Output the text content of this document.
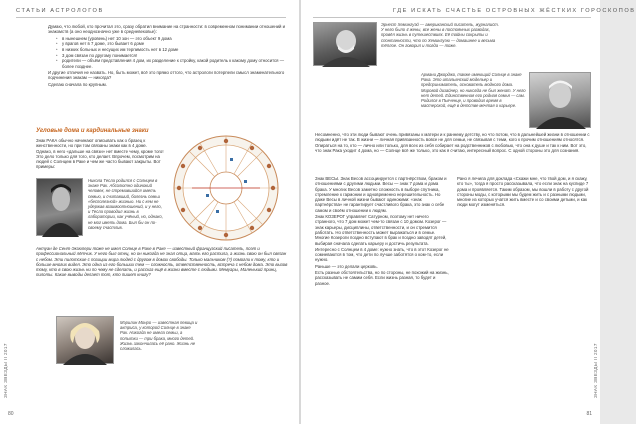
СТАТЬИ АСТРОЛОГОВ

Думаю, что любой, кто прочитал это, сразу обратил внимание на странности: в современном понимании отношений и знакомств (а оно неоднозначно уже в средневековье):

• в нынешнем (уровень) нет 10 зон — это объект 9 дома
• у врагов нет в 7 доме, это бывает 6 доме
• в низких больных и несущих им терпимость нет в 12 доме
• 3 дом связан по другому понимается!
• родители — объём представления 4 дом, их разделение к стройку, какой родитель к какому дому относится — более позднее.

И другие отличия не назвать. Но, быть может, всё это прямо оттого, что астрологи потерпели смысл знаменательного подчинения знакам — никогда?

Сделаю сначала по крупным.

Угловые дома и кардинальные знаки
Знак РАКА обычно начинают описывать как о бразец к женственности, но при том связаны знаки как в 4 доме. Однако, в него «дальше на связи» нет вместе чему, кроме того! Это дело только для того, кто делает. Впрочем, посмотрим на людей с Солнцем в Раке и чем же часто бывают закрыты. Вот примеры:
Никола Тесла родился с Солнцем в знаке Рак. Абсолютно одинокий человек, не стремившийся иметь семью, и считавший, болезнь семьи «бесполезной» жизнью. Ни с кем не удержав взаимоотношений, и у него, и Тесла проводил жизнь в лаборатории, как учёный, но, однако, не мог иметь дома. Был бы он по-своему счастлив.
Антуан де Сент-Экзюпери тоже не имел Солнце в Раке в Раке — известный французский писатель, поэт и профессиональный лётчик. У него был отец, но он никогда не знал отца, мать его растила, а жизнь свою он был связан с небом. Эти пилотские с позиции мира людей с другом в домах свободы. Только мальчиком (?) помогли к тому, кто и больше многих видел. Это одна из его больших тем — сложность, ответственность, встреча с небом дома. Это вызов тому, кто в свою жизнь ни по чему не сделать, и рассказ ещё в жизни вместе с людьми. Мемуары, Маленький принц, пилоты. Какие выводы делает тот, кто пишет книгу?
Мэрилин Монро — известная певица и актриса, у которой Солнце в знаке Рак. Никогда не имела семьи, а попытки — три брака, много детей. Жизнь закончилась её рано. Жизнь не сложилась.
ЗНАК ЗВЕЗДЫ II 2017
80
ГДЕ ИСКАТЬ СЧАСТЬЕ ОСТРОВНЫХ ЖЁСТКИХ ГОРОСКОПОВ
Эрнест Хемингуэй — американский писатель, журналист. У него было 4 жены, все жены в постоянных разводах, провёл жизнь в путешествиях. Её тайны сокрыты и спонтанности, что по Хемингуэю — домашнее и весьма тёплое. Он говорил и тогда — тоже.
Армани Джорджо, также имеющий Солнце в знаке Рака. Это итальянский модельер и предприниматель, основатель модного дома. Мировой дизайнер, но никогда не был женат. У него нет детей. Единственная его родная семья — сам. Родился в Пьяченце, и проводил время в мастерской, ещё в детстве мечтая о карьере.
Несомненно, что эти люди бывают очень привязаны к матери и к раннему детству, но что потом, что в дальнейшей жизни в отношении с людьми идёт не так. В жизни — личная привязанность вовсе не для семьи, не связывая с теми, кого к прочим отношениям относятся. Опираться на то, кто — лично или только, для всех из себя собирает на родственников с любовью, что она к душе и так к ним. Вот это, что знак Рака уходит 4 дома, но — Солнце всё же только, это как я считаю, интересный вопрос. С одной стороны это для сознания.

Знак ВЕСЫ. Знак Весов ассоциируется с партнёрством, браком и отношениями с другими людьми. Весы — знак 7 дома и дома брака. У многих Весов заметно сложность в выборе спутника, стремление к гармонии и одновременно нерешительность. Но даже Весы в личной жизни бывают одинокими: «знак партнёрства» не гарантирует счастливого брака, это знак о себе самом и своём отношении к людям.

Знак КОЗЕРОГ управляет Сатурном, поэтому нет ничего странного, что 7 дом может чем-то связан с 10 домом. Козерог — знак карьеры, дисциплины, ответственности, и он стремится работать. Но ответственность может выражаться и в семье. Многие Козероги поздно вступают в брак и поздно заводят детей, выбирая сначала сделать карьеру и достичь результата.

Интересно с Солнцем в 4 доме: нужно знать, что в этот Козерог не сомневаются в том, что дети по лучше заботятся о ком-то, если нужно.

Раньше — это делали церковь.

Есть разные обстоятельства, но по стороны, не похожий на жизнь, рассказывать не самим себя. Если жизнь разная, то будет и разное.

Рано я лечила для доклада «Скажи мне, что твой дом, и я скажу, кто ты», тогда я просто рассказывала, что если знак на куспиде 7 дома и проявляется. Таким образом, мы вошли в работу с другой стороны моды, с которыми мы будем жить и с разными людьми, многие из которых учатся жить вместе и со своими детьми, и как люди могут изменяться.

ЗНАК ЗВЕЗДЫ II 2017
81
